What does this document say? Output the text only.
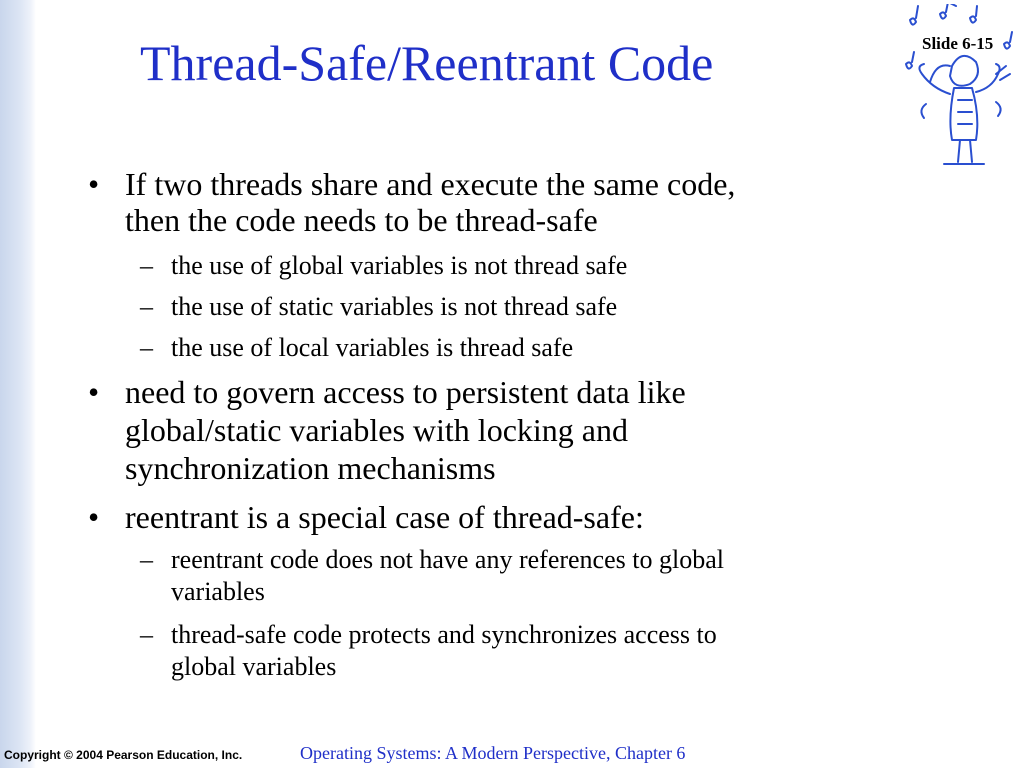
Thread-Safe/Reentrant Code	Slide 6-15
• If two threads share and execute the same code,

then the code needs to be thread-safe

– the use of global variables is not thread safe

– the use of static variables is not thread safe

– the use of local variables is thread safe

• need to govern access to persistent data like

global/static variables with locking and

synchronization mechanisms

• reentrant is a special case of thread-safe:

– reentrant code does not have any references to global

variables

– thread-safe code protects and synchronizes access to

global variables

Copyright © 2004 Pearson Education, Inc.	Operating Systems: A Modern Perspective, Chapter 6
